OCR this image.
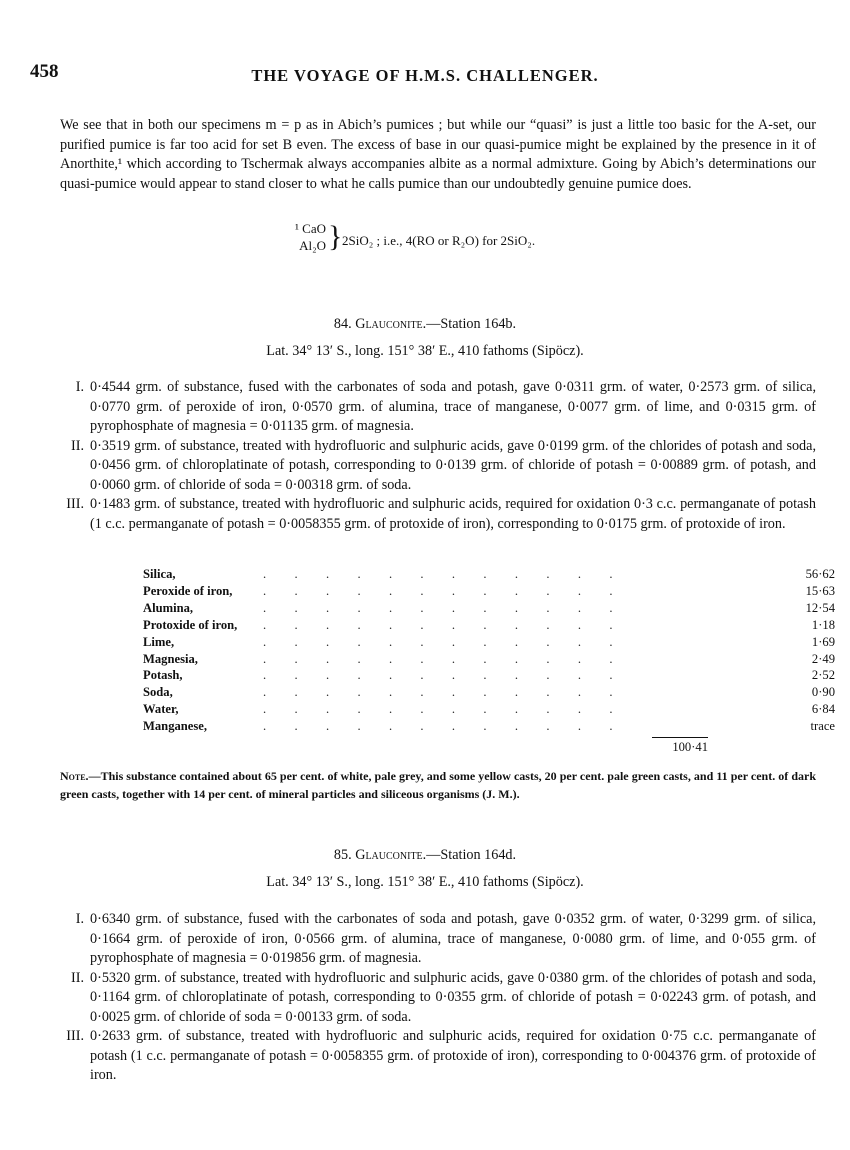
458	THE VOYAGE OF H.M.S. CHALLENGER.

We see that in both our specimens m = p as in Abich’s pumices ; but while our “quasi” is just a little too basic for the A-set, our purified pumice is far too acid for set B even. The excess of base in our quasi-pumice might be explained by the presence in it of Anorthite,¹ which according to Tschermak always accompanies albite as a normal admixture. Going by Abich’s determinations our quasi-pumice would appear to stand closer to what he calls pumice than our undoubtedly genuine pumice does.

¹ CaO
Al₂O } 2SiO₂ ; i.e., 4(RO or R₂O) for 2SiO₂.
84. Glauconite.—Station 164b.
Lat. 34° 13′ S., long. 151° 38′ E., 410 fathoms (Sipöcz).
I. 0·4544 grm. of substance, fused with the carbonates of soda and potash, gave 0·0311 grm. of water, 0·2573 grm. of silica, 0·0770 grm. of peroxide of iron, 0·0570 grm. of alumina, trace of manganese, 0·0077 grm. of lime, and 0·0315 grm. of pyrophosphate of magnesia = 0·01135 grm. of magnesia.
II. 0·3519 grm. of substance, treated with hydrofluoric and sulphuric acids, gave 0·0199 grm. of the chlorides of potash and soda, 0·0456 grm. of chloroplatinate of potash, corresponding to 0·0139 grm. of chloride of potash = 0·00889 grm. of potash, and 0·0060 grm. of chloride of soda = 0·00318 grm. of soda.
III. 0·1483 grm. of substance, treated with hydrofluoric and sulphuric acids, required for oxidation 0·3 c.c. permanganate of potash (1 c.c. permanganate of potash = 0·0058355 grm. of protoxide of iron), corresponding to 0·0175 grm. of protoxide of iron.
Silica,	.   .   .   .   .   .   .   .   .   .   .   .	56·62
Peroxide of iron,	.   .   .   .   .   .   .   .   .   .   .   .	15·63
Alumina,	.   .   .   .   .   .   .   .   .   .   .   .	12·54
Protoxide of iron,	.   .   .   .   .   .   .   .   .   .   .   .	1·18
Lime,	.   .   .   .   .   .   .   .   .   .   .   .	1·69
Magnesia,	.   .   .   .   .   .   .   .   .   .   .   .	2·49
Potash,	.   .   .   .   .   .   .   .   .   .   .   .	2·52
Soda,	.   .   .   .   .   .   .   .   .   .   .   .	0·90
Water,	.   .   .   .   .   .   .   .   .   .   .   .	6·84
Manganese,	.   .   .   .   .   .   .   .   .   .   .   .	trace
100·41
Note.—This substance contained about 65 per cent. of white, pale grey, and some yellow casts, 20 per cent. pale green casts, and 11 per cent. of dark green casts, together with 14 per cent. of mineral particles and siliceous organisms (J. M.).
85. Glauconite.—Station 164d.
Lat. 34° 13′ S., long. 151° 38′ E., 410 fathoms (Sipöcz).
I. 0·6340 grm. of substance, fused with the carbonates of soda and potash, gave 0·0352 grm. of water, 0·3299 grm. of silica, 0·1664 grm. of peroxide of iron, 0·0566 grm. of alumina, trace of manganese, 0·0080 grm. of lime, and 0·055 grm. of pyrophosphate of magnesia = 0·019856 grm. of magnesia.
II. 0·5320 grm. of substance, treated with hydrofluoric and sulphuric acids, gave 0·0380 grm. of the chlorides of potash and soda, 0·1164 grm. of chloroplatinate of potash, corresponding to 0·0355 grm. of chloride of potash = 0·02243 grm. of potash, and 0·0025 grm. of chloride of soda = 0·00133 grm. of soda.
III. 0·2633 grm. of substance, treated with hydrofluoric and sulphuric acids, required for oxidation 0·75 c.c. permanganate of potash (1 c.c. permanganate of potash = 0·0058355 grm. of protoxide of iron), corresponding to 0·004376 grm. of protoxide of iron.
